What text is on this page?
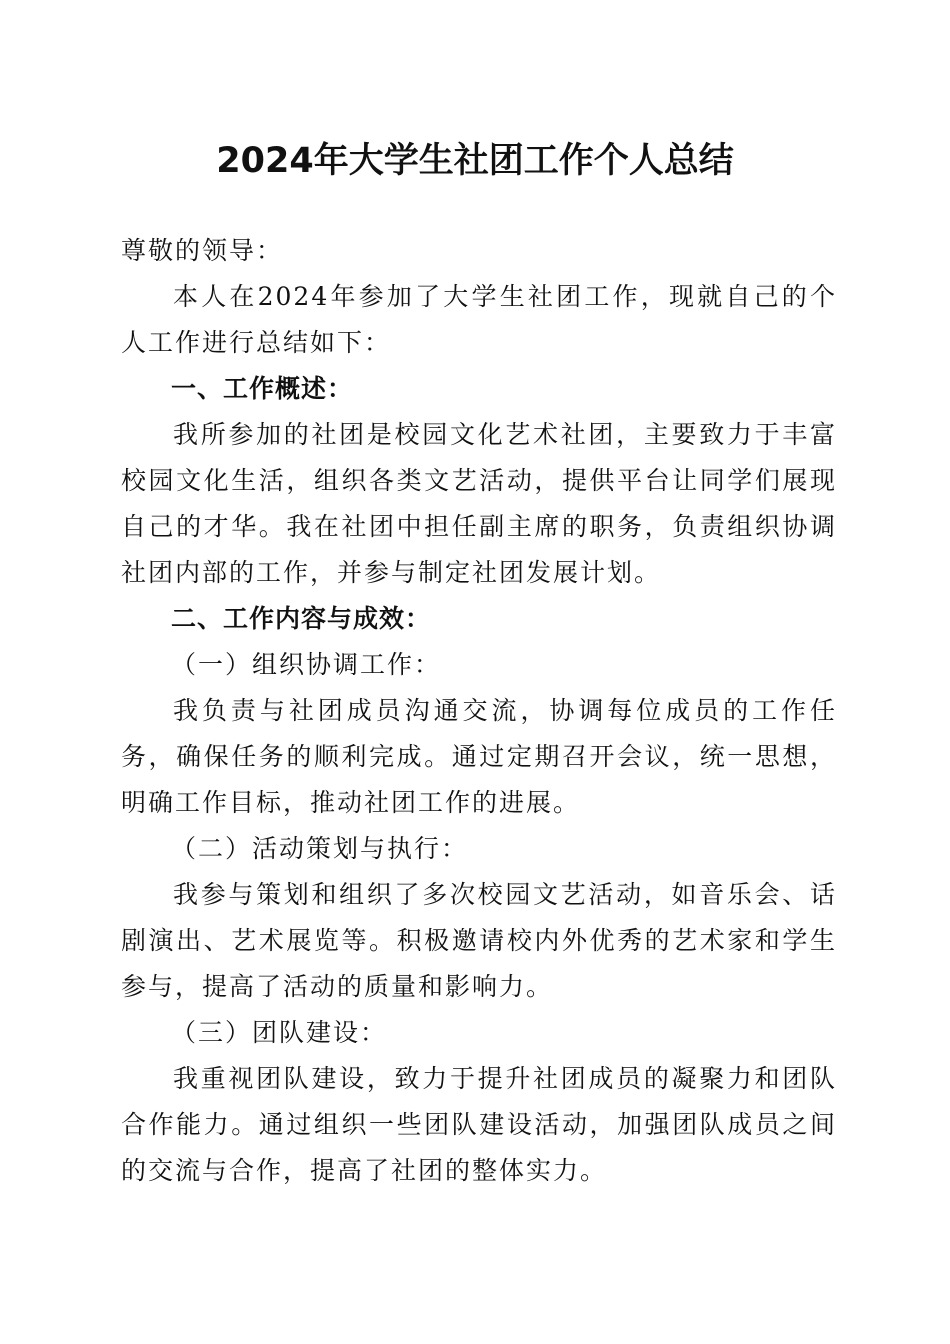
2024年大学生社团工作个人总结

尊敬的领导：

本人在2024年参加了大学生社团工作，现就自己的个人工作进行总结如下：

一、工作概述：

我所参加的社团是校园文化艺术社团，主要致力于丰富校园文化生活，组织各类文艺活动，提供平台让同学们展现自己的才华。我在社团中担任副主席的职务，负责组织协调社团内部的工作，并参与制定社团发展计划。

二、工作内容与成效：

（一）组织协调工作：

我负责与社团成员沟通交流，协调每位成员的工作任务，确保任务的顺利完成。通过定期召开会议，统一思想，明确工作目标，推动社团工作的进展。

（二）活动策划与执行：

我参与策划和组织了多次校园文艺活动，如音乐会、话剧演出、艺术展览等。积极邀请校内外优秀的艺术家和学生参与，提高了活动的质量和影响力。

（三）团队建设：

我重视团队建设，致力于提升社团成员的凝聚力和团队合作能力。通过组织一些团队建设活动，加强团队成员之间的交流与合作，提高了社团的整体实力。
